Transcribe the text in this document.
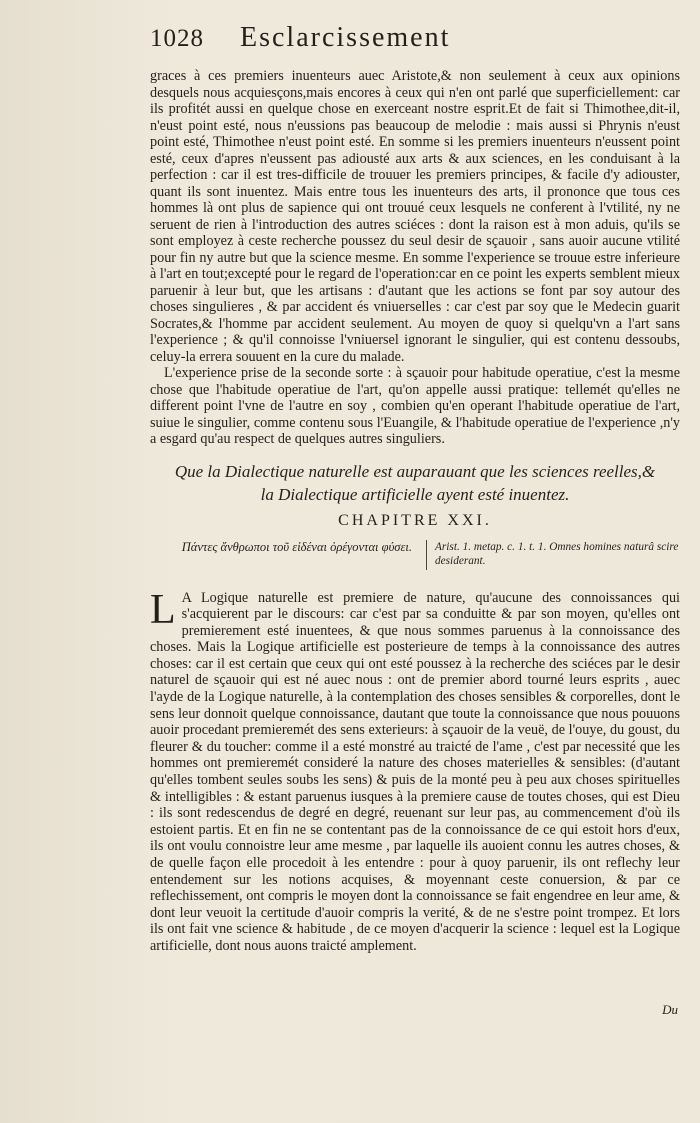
1028 Esclarcissement

graces à ces premiers inuenteurs auec Aristote,& non seulement à ceux aux opinions desquels nous acquiesçons,mais encores à ceux qui n'en ont parlé que superficiellement: car ils profitét aussi en quelque chose en exerceant nostre esprit.Et de fait si Thimothee,dit-il, n'eust point esté, nous n'eussions pas beaucoup de melodie : mais aussi si Phrynis n'eust point esté, Thimothee n'eust point esté. En somme si les premiers inuenteurs n'eussent point esté, ceux d'apres n'eussent pas adiousté aux arts & aux sciences, en les conduisant à la perfection : car il est tres-difficile de trouuer les premiers principes, & facile d'y adiouster, quant ils sont inuentez. Mais entre tous les inuenteurs des arts, il prononce que tous ces hommes là ont plus de sapience qui ont trouué ceux lesquels ne conferent à l'vtilité, ny ne seruent de rien à l'introduction des autres sciéces : dont la raison est à mon aduis, qu'ils se sont employez à ceste recherche poussez du seul desir de sçauoir , sans auoir aucune vtilité pour fin ny autre but que la science mesme. En somme l'experience se trouue estre inferieure à l'art en tout;excepté pour le regard de l'operation:car en ce point les experts semblent mieux paruenir à leur but, que les artisans : d'autant que les actions se font par soy autour des choses singulieres , & par accident és vniuerselles : car c'est par soy que le Medecin guarit Socrates,& l'homme par accident seulement. Au moyen de quoy si quelqu'vn a l'art sans l'experience ; & qu'il connoisse l'vniuersel ignorant le singulier, qui est contenu dessoubs, celuy-la errera souuent en la cure du malade.

L'experience prise de la seconde sorte : à sçauoir pour habitude operatiue, c'est la mesme chose que l'habitude operatiue de l'art, qu'on appelle aussi pratique: tellemét qu'elles ne different point l'vne de l'autre en soy , combien qu'en operant l'habitude operatiue de l'art, suiue le singulier, comme contenu sous l'Euangile, & l'habitude operatiue de l'experience ,n'y a esgard qu'au respect de quelques autres singuliers.

Que la Dialectique naturelle est auparauant que les sciences reelles,&
la Dialectique artificielle ayent esté inuentez.
CHAPITRE XXI.
Πάντες ἄνθρωποι τοῦ εἰδέναι ὀρέγονται φύσει.	Arist. 1. metap. c. 1. t. 1. Omnes homines naturâ scire desiderant.
L A Logique naturelle est premiere de nature, qu'aucune des connoissances qui s'acquierent par le discours: car c'est par sa conduitte & par son moyen, qu'elles ont premierement esté inuentees, & que nous sommes paruenus à la connoissance des choses. Mais la Logique artificielle est posterieure de temps à la connoissance des autres choses: car il est certain que ceux qui ont esté poussez à la recherche des sciéces par le desir naturel de sçauoir qui est né auec nous : ont de premier abord tourné leurs esprits , auec l'ayde de la Logique naturelle, à la contemplation des choses sensibles & corporelles, dont le sens leur donnoit quelque connoissance, dautant que toute la connoissance que nous pouuons auoir procedant premieremét des sens exterieurs: à sçauoir de la veuë, de l'ouye, du goust, du fleurer & du toucher: comme il a esté monstré au traicté de l'ame , c'est par necessité que les hommes ont premieremét consideré la nature des choses materielles & sensibles: (d'autant qu'elles tombent seules soubs les sens) & puis de la monté peu à peu aux choses spirituelles & intelligibles : & estant paruenus iusques à la premiere cause de toutes choses, qui est Dieu : ils sont redescendus de degré en degré, reuenant sur leur pas, au commencement d'où ils estoient partis. Et en fin ne se contentant pas de la connoissance de ce qui estoit hors d'eux, ils ont voulu connoistre leur ame mesme , par laquelle ils auoient connu les autres choses, & de quelle façon elle procedoit à les entendre : pour à quoy paruenir, ils ont reflechy leur entendement sur les notions acquises, & moyennant ceste conuersion, & par ce reflechissement, ont compris le moyen dont la connoissance se fait engendree en leur ame, & dont leur veuoit la certitude d'auoir compris la verité, & de ne s'estre point trompez. Et lors ils ont fait vne science & habitude , de ce moyen d'acquerir la science : lequel est la Logique artificielle, dont nous auons traicté amplement.
Du
